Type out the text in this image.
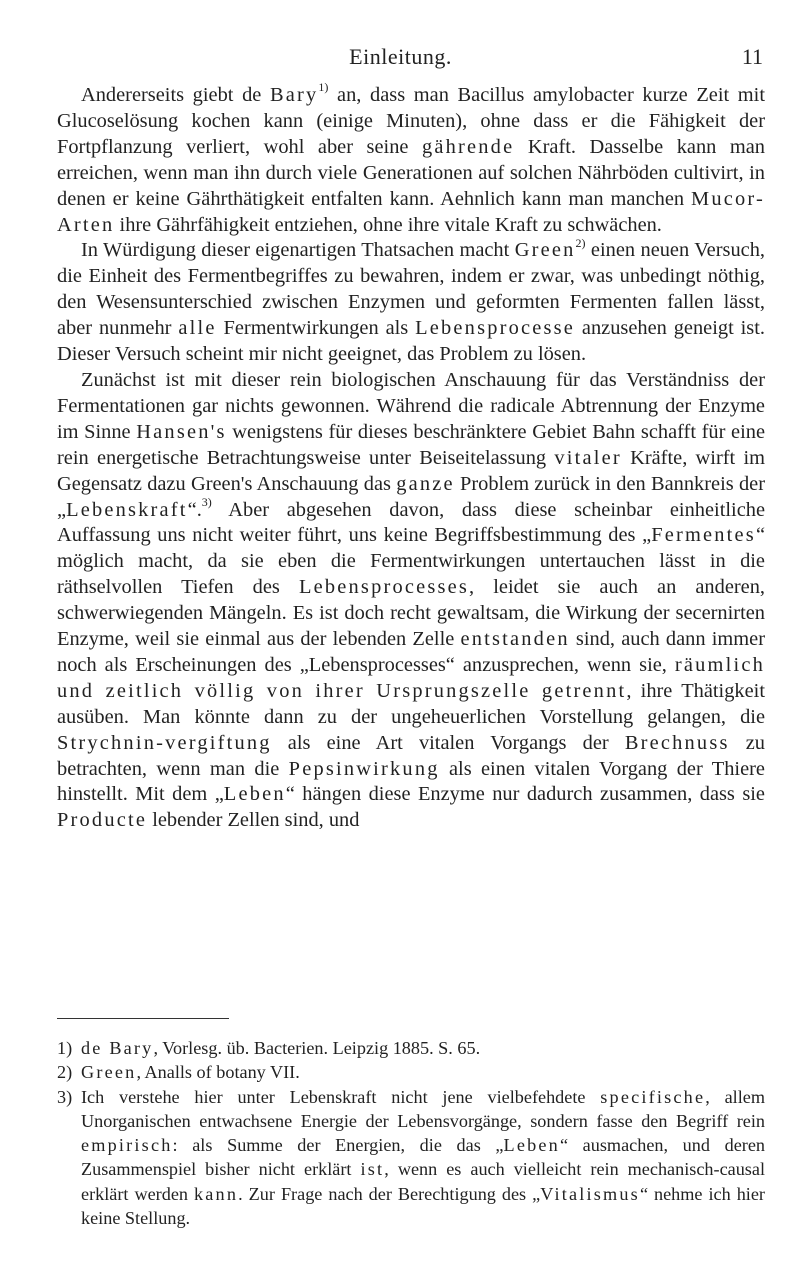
Einleitung.	11

Andererseits giebt de Bary$^{1)}$ an, dass man Bacillus amylobacter kurze Zeit mit Glucoselösung kochen kann (einige Minuten), ohne dass er die Fähigkeit der Fortpflanzung verliert, wohl aber seine gährende Kraft. Dasselbe kann man erreichen, wenn man ihn durch viele Generationen auf solchen Nährböden cultivirt, in denen er keine Gährthätigkeit entfalten kann. Aehnlich kann man manchen Mucor-Arten ihre Gährfähigkeit entziehen, ohne ihre vitale Kraft zu schwächen.

In Würdigung dieser eigenartigen Thatsachen macht Green$^{2)}$ einen neuen Versuch, die Einheit des Fermentbegriffes zu bewahren, indem er zwar, was unbedingt nöthig, den Wesensunterschied zwischen Enzymen und geformten Fermenten fallen lässt, aber nunmehr alle Fermentwirkungen als Lebensprocesse anzusehen geneigt ist. Dieser Versuch scheint mir nicht geeignet, das Problem zu lösen.

Zunächst ist mit dieser rein biologischen Anschauung für das Verständniss der Fermentationen gar nichts gewonnen. Während die radicale Abtrennung der Enzyme im Sinne Hansen's wenigstens für dieses beschränktere Gebiet Bahn schafft für eine rein energetische Betrachtungsweise unter Beiseitelassung vitaler Kräfte, wirft im Gegensatz dazu Green's Anschauung das ganze Problem zurück in den Bannkreis der „Lebenskraft“.$^{3)}$ Aber abgesehen davon, dass diese scheinbar einheitliche Auffassung uns nicht weiter führt, uns keine Begriffsbestimmung des „Fermentes“ möglich macht, da sie eben die Fermentwirkungen untertauchen lässt in die räthselvollen Tiefen des Lebensprocesses, leidet sie auch an anderen, schwerwiegenden Mängeln. Es ist doch recht gewaltsam, die Wirkung der secernirten Enzyme, weil sie einmal aus der lebenden Zelle entstanden sind, auch dann immer noch als Erscheinungen des „Lebensprocesses“ anzusprechen, wenn sie, räumlich und zeitlich völlig von ihrer Ursprungszelle getrennt, ihre Thätigkeit ausüben. Man könnte dann zu der ungeheuerlichen Vorstellung gelangen, die Strychnin-vergiftung als eine Art vitalen Vorgangs der Brechnuss zu betrachten, wenn man die Pepsinwirkung als einen vitalen Vorgang der Thiere hinstellt. Mit dem „Leben“ hängen diese Enzyme nur dadurch zusammen, dass sie Producte lebender Zellen sind, und

1) de Bary, Vorlesg. üb. Bacterien. Leipzig 1885. S. 65.

2) Green, Analls of botany VII.

3) Ich verstehe hier unter Lebenskraft nicht jene vielbefehdete specifische, allem Unorganischen entwachsene Energie der Lebensvorgänge, sondern fasse den Begriff rein empirisch: als Summe der Energien, die das „Leben“ ausmachen, und deren Zusammenspiel bisher nicht erklärt ist, wenn es auch vielleicht rein mechanisch-causal erklärt werden kann. Zur Frage nach der Berechtigung des „Vitalismus“ nehme ich hier keine Stellung.
